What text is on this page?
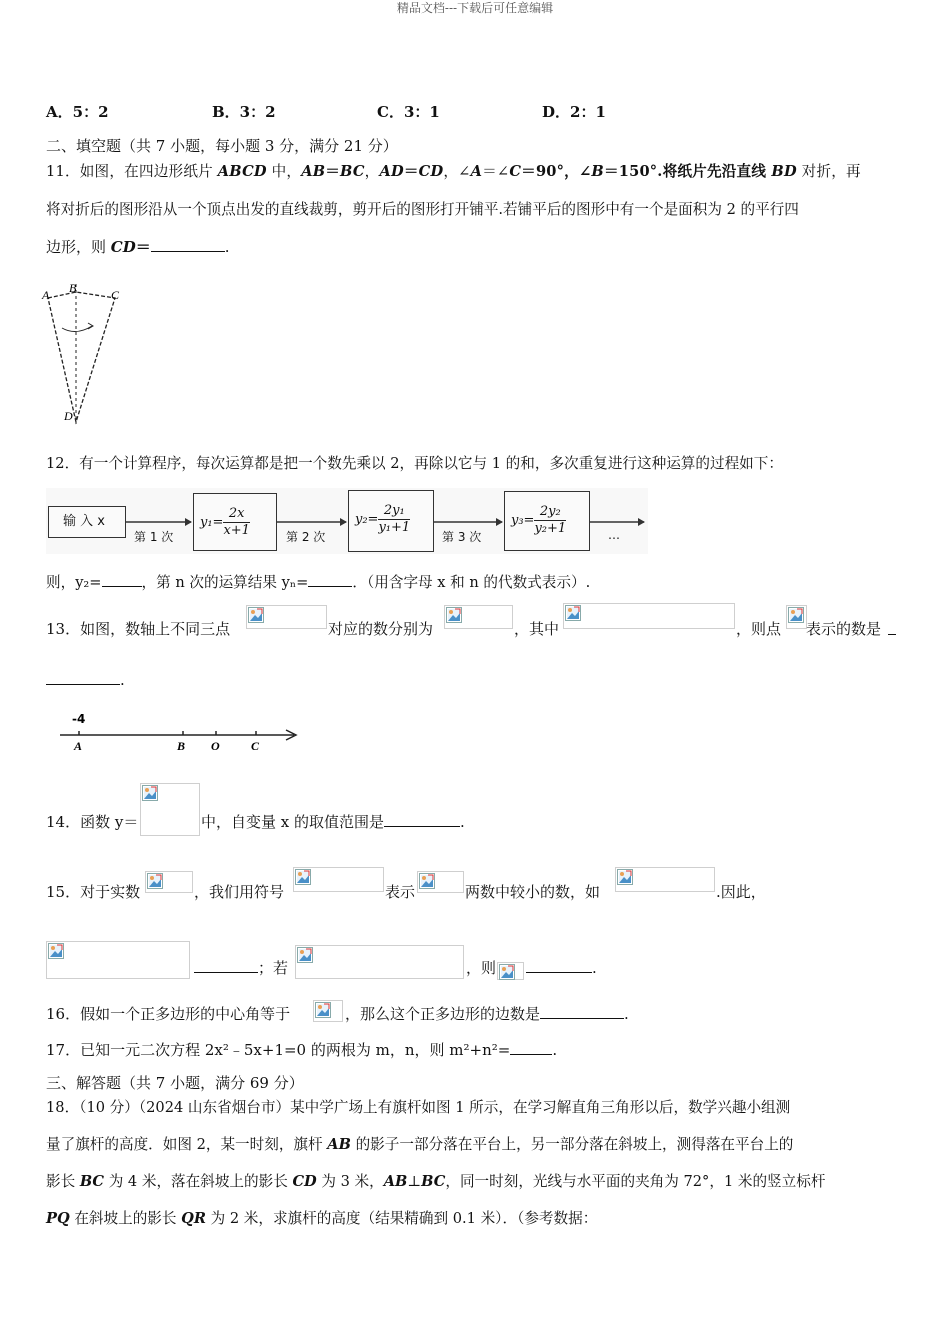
精品文档---下载后可任意编辑
A．5：2	B．3：2	C．3：1	D．2：1
二、填空题（共 7 小题，每小题 3 分，满分 21 分）
11．如图，在四边形纸片 ABCD 中，AB＝BC，AD＝CD，∠A＝∠C＝90°，∠B＝150°.将纸片先沿直线 BD 对折，再
将对折后的图形沿从一个顶点出发的直线裁剪，剪开后的图形打开铺平.若铺平后的图形中有一个是面积为 2 的平行四
边形，则 CD＝	.
A B	C
D
12．有一个计算程序，每次运算都是把一个数先乘以 2，再除以它与 1 的和，多次重复进行这种运算的过程如下：
输 入 x	$y_1= \frac{2x}{x+1}$	$y_2= \frac{\text{2y₁}}{\text{y₁+1}}$	$y_3= \frac{\text{2y₂}}{\text{y₂+1}}$
第 1 次	第 2 次	第 3 次	…
则，y₂=	，第 n 次的运算结果 yₙ=	．（用含字母 x 和 n 的代数式表示）.
13．如图，数轴上不同三点	对应的数分别为	，其中	，则点 表示的数是
.
-4
A	B O	C
14．函数 y＝	中，自变量 x 的取值范围是	.
15．对于实数	，我们用符号	表示	两数中较小的数，如	.因此，
；若	，则	.
16．假如一个正多边形的中心角等于	，那么这个正多边形的边数是	.
17．已知一元二次方程 2x²﹣5x+1=0 的两根为 m，n，则 m²+n²=	.
三、解答题（共 7 小题，满分 69 分）
18．（10 分）（2024 山东省烟台市）某中学广场上有旗杆如图 1 所示，在学习解直角三角形以后，数学兴趣小组测
量了旗杆的高度．如图 2，某一时刻，旗杆 AB 的影子一部分落在平台上，另一部分落在斜坡上，测得落在平台上的
影长 BC 为 4 米，落在斜坡上的影长 CD 为 3 米，AB⊥BC，同一时刻，光线与水平面的夹角为 72°，1 米的竖立标杆
PQ 在斜坡上的影长 QR 为 2 米，求旗杆的高度（结果精确到 0.1 米）．（参考数据：
